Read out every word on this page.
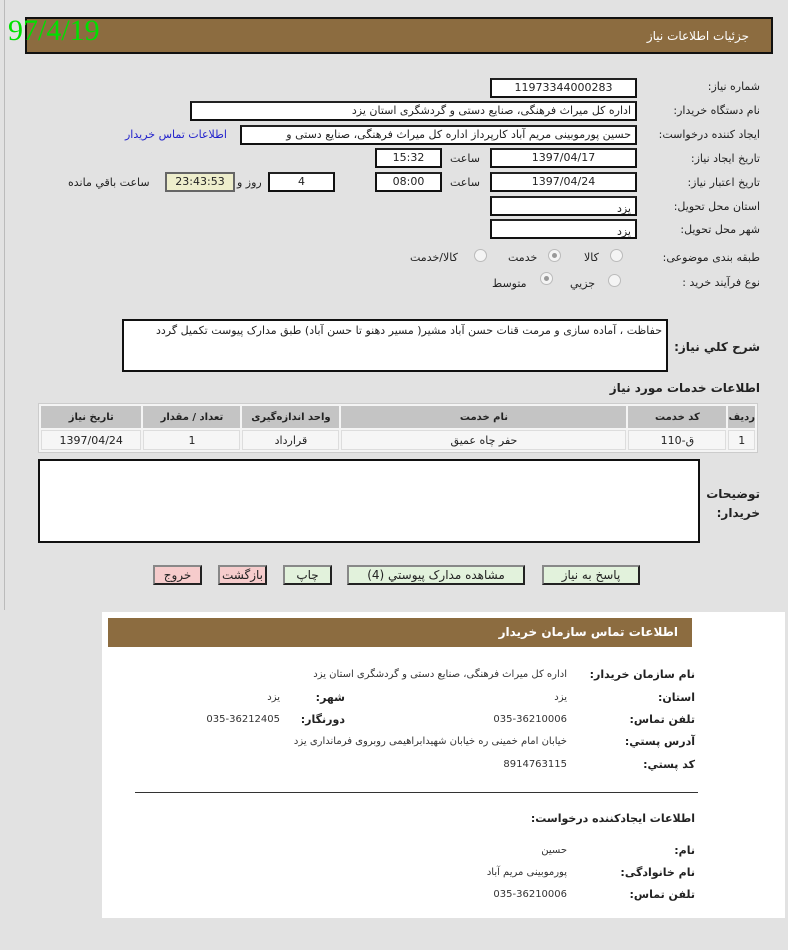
جزئیات اطلاعات نیاز
97/4/19
شماره نیاز:
11973344000283
نام دستگاه خریدار:
اداره کل میراث فرهنگی، صنایع دستی و گردشگری استان یزد
ایجاد کننده درخواست:
حسین پورموبینی مریم آباد کارپرداز اداره کل میراث فرهنگی، صنایع دستی و
اطلاعات تماس خریدار
تاریخ ایجاد نیاز:
1397/04/17
ساعت
15:32
تاریخ اعتبار نیاز:
1397/04/24
ساعت
08:00
4
روز و
23:43:53
ساعت باقي مانده
استان محل تحویل:
یزد
شهر محل تحویل:
یزد
طبقه بندی موضوعی:
کالا
خدمت
کالا/خدمت
نوع فرآیند خرید :
جزیي
متوسط
شرح كلي نياز:
حفاظت ، آماده سازی و مرمت قنات حسن آباد مشیر( مسیر دهنو تا حسن آباد) طبق مدارک پیوست تکمیل گردد
اطلاعات خدمات مورد نیاز
ردیف	کد خدمت	نام خدمت	واحد اندازه‌گیری	تعداد / مقدار	تاریخ نیاز
1	ق-110	حفر چاه عمیق	قرارداد	1	1397/04/24
توضیحات
خریدار:
پاسخ به نیاز
مشاهده مدارک پیوستي (4)
چاپ
بازگشت
خروج
اطلاعات تماس سازمان خریدار
نام سازمان خریدار:
اداره کل میراث فرهنگی، صنایع دستی و گردشگری استان یزد
استان:
یزد
شهر:
یزد
تلفن تماس:
035-36210006
دورنگار:
035-36212405
آدرس پستي:
خیابان امام خمینی ره خیابان شهیدابراهیمی روبروی فرمانداری یزد
کد پستي:
8914763115
اطلاعات ایجادکننده درخواست:
نام:
حسین
نام خانوادگی:
پورموبینی مریم آباد
تلفن تماس:
035-36210006
